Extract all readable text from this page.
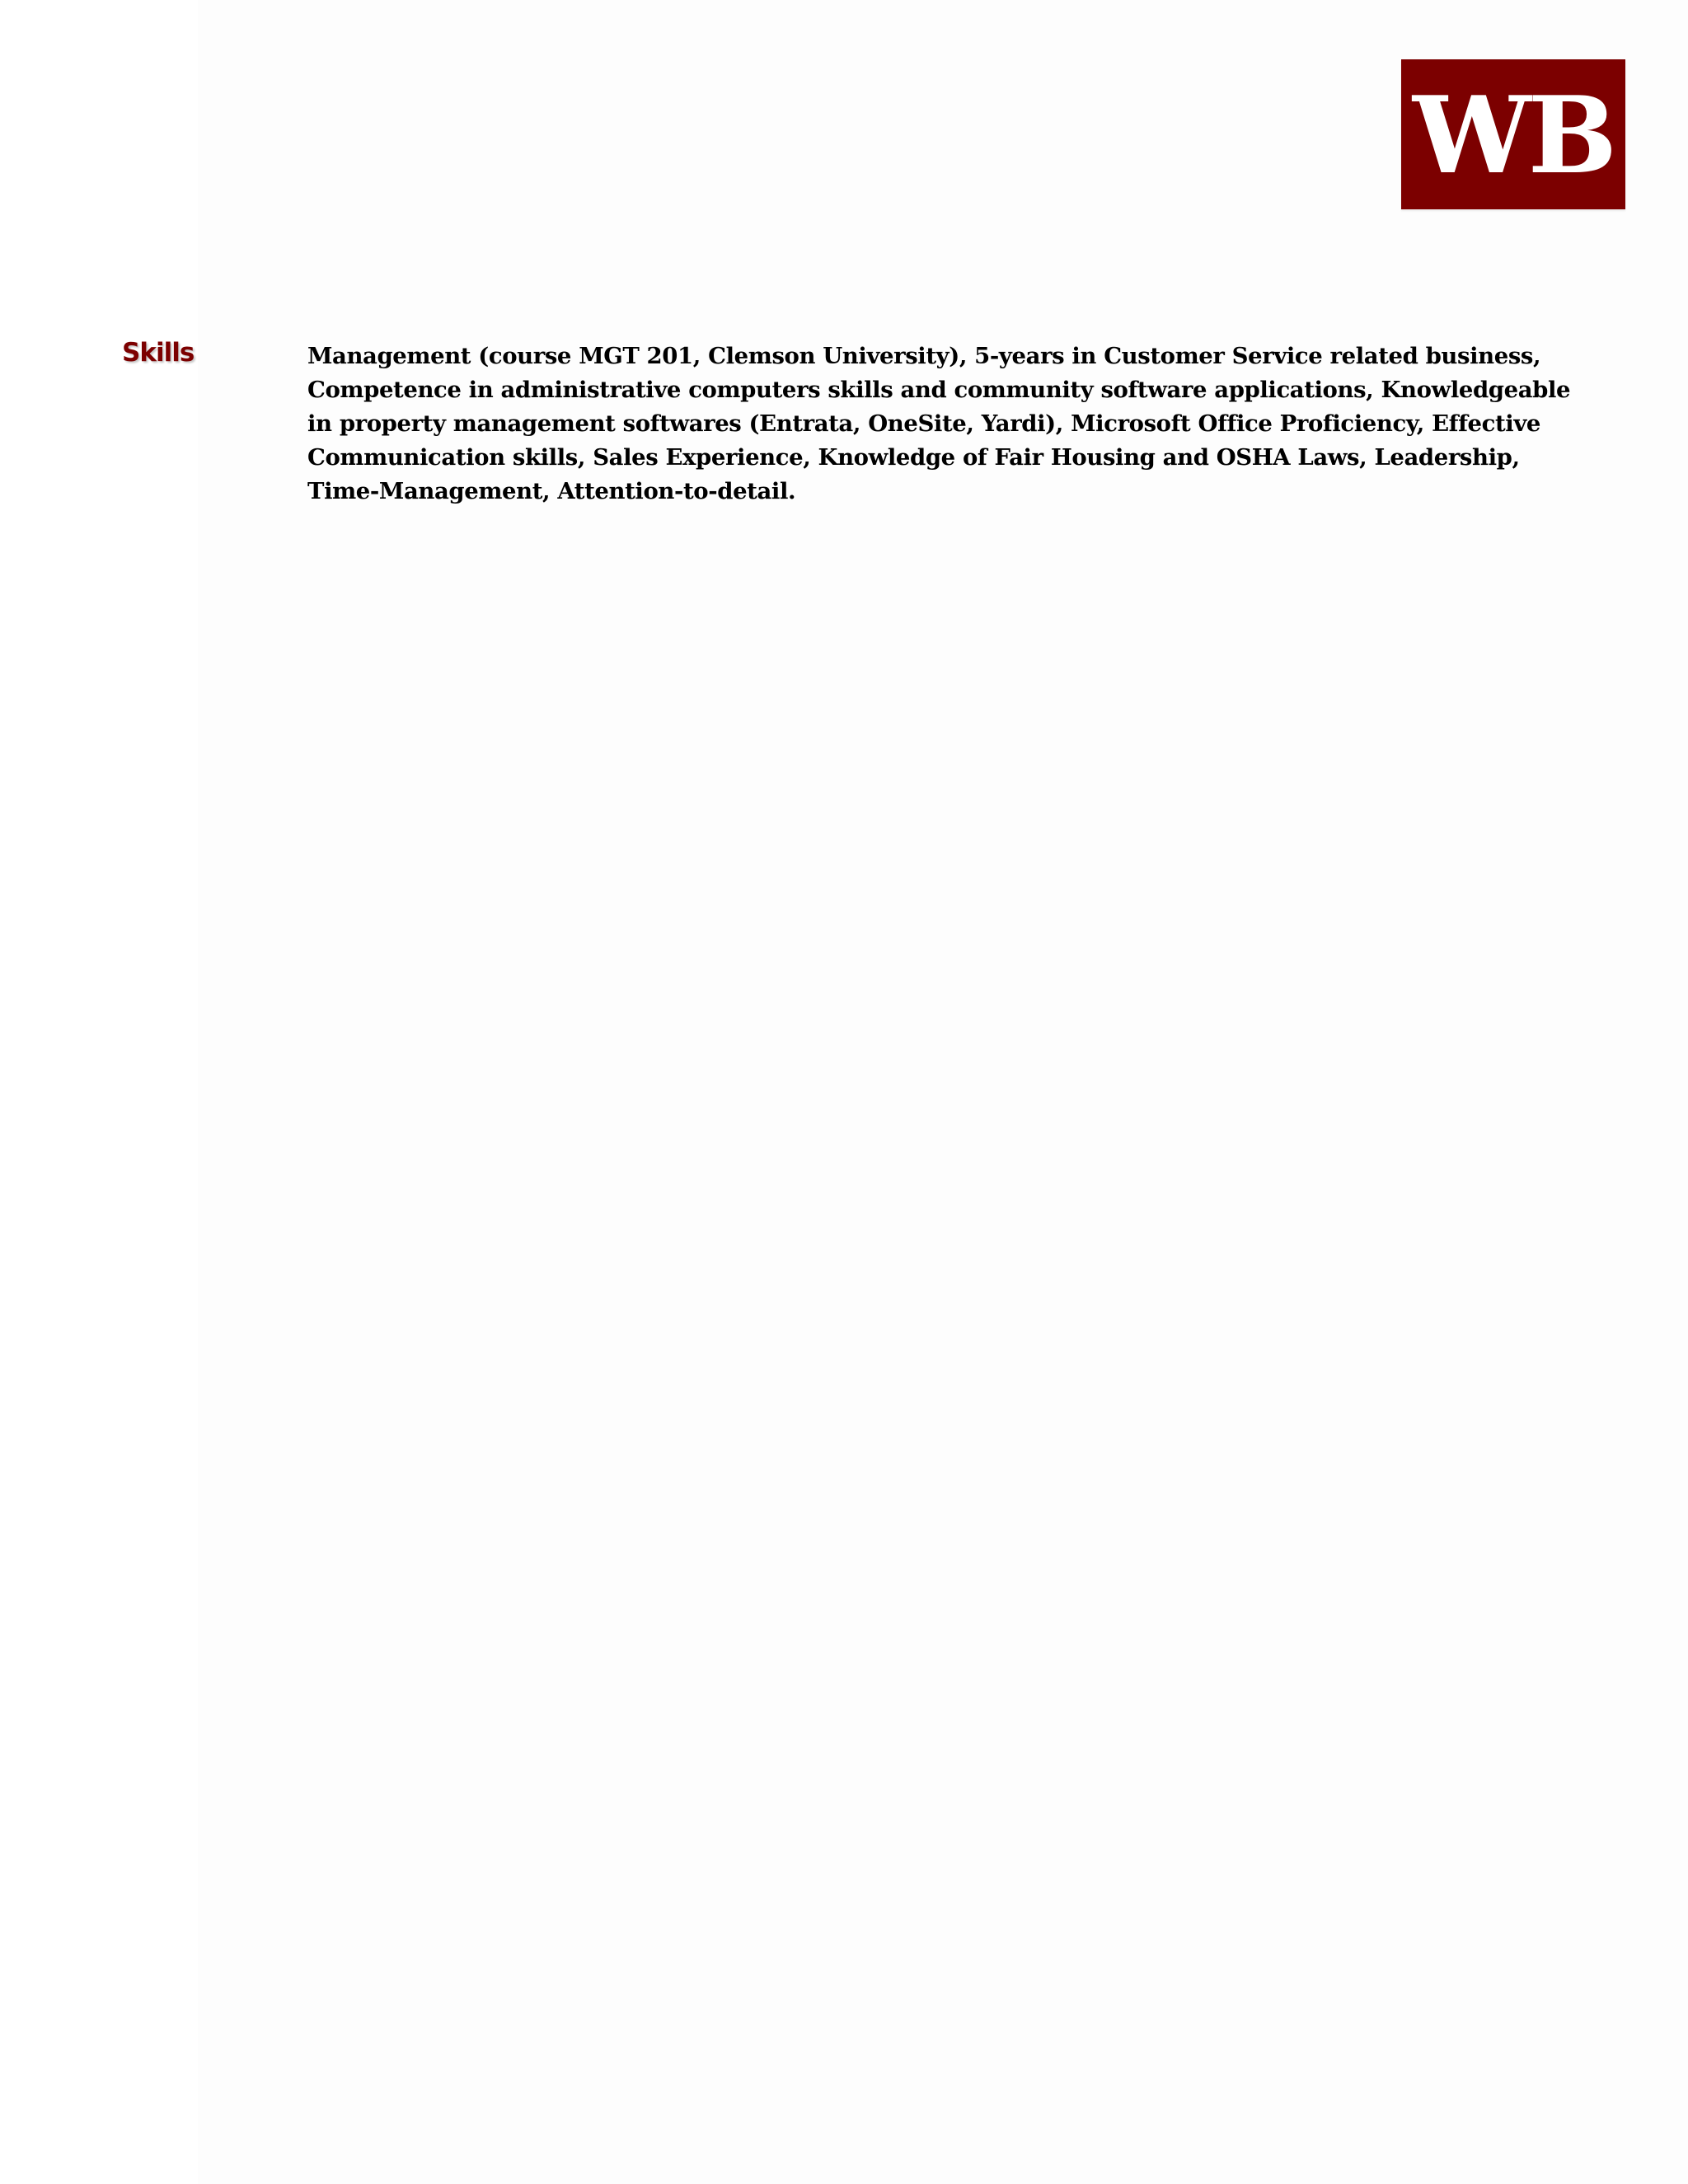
WB
Skills	Management (course MGT 201, Clemson University), 5-years in Customer Service related business, Competence in administrative computers skills and community software applications, Knowledgeable in property management softwares (Entrata, OneSite, Yardi), Microsoft Office Proficiency, Effective Communication skills, Sales Experience, Knowledge of Fair Housing and OSHA Laws, Leadership, Time-Management, Attention-to-detail.
